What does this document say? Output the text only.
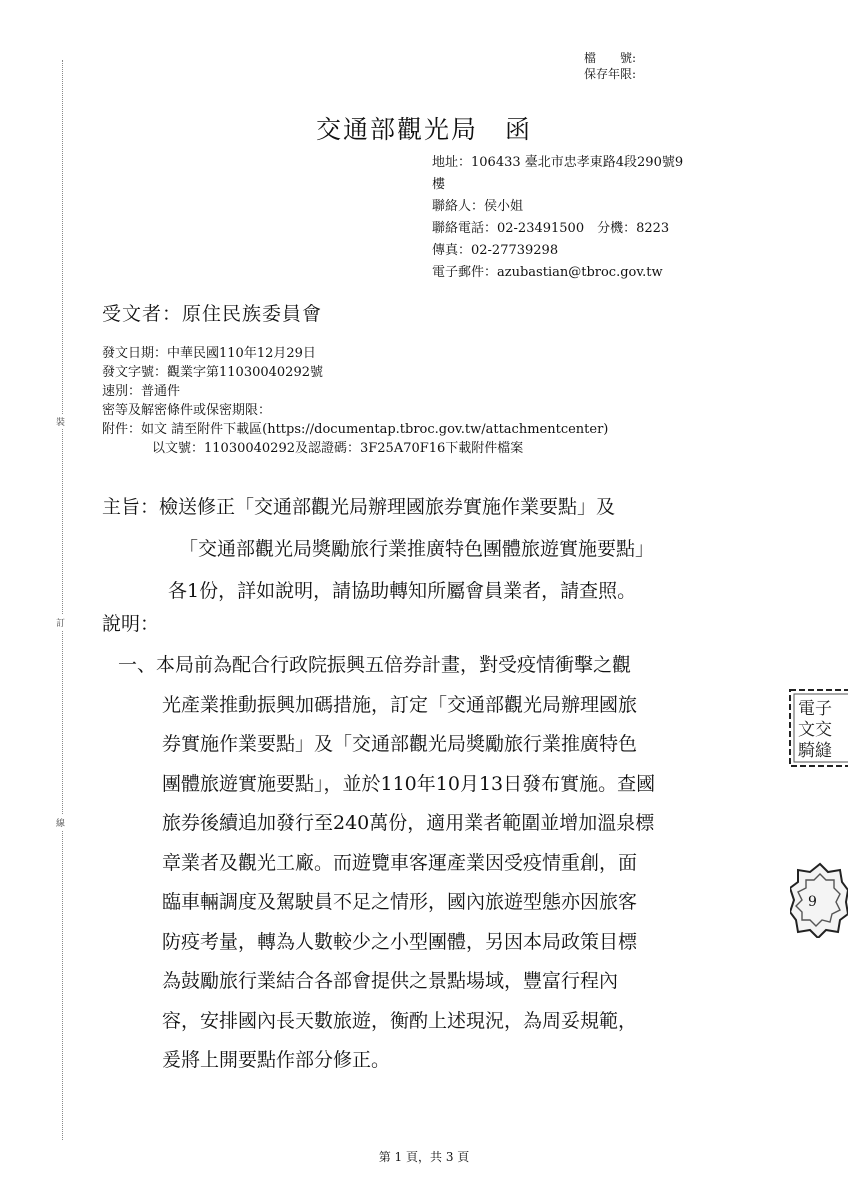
裝
訂
線
檔　　號:
保存年限:
交通部觀光局　函
地址：106433 臺北市忠孝東路4段290號9
樓
聯絡人：侯小姐
聯絡電話：02-23491500　分機：8223
傳真：02-27739298
電子郵件：azubastian@tbroc.gov.tw
受文者：原住民族委員會
發文日期：中華民國110年12月29日
發文字號：觀業字第11030040292號
速別：普通件
密等及解密條件或保密期限：
附件：如文 請至附件下載區(https://documentap.tbroc.gov.tw/attachmentcenter)
以文號：11030040292及認證碼：3F25A70F16下載附件檔案
主旨：檢送修正「交通部觀光局辦理國旅券實施作業要點」及
「交通部觀光局獎勵旅行業推廣特色團體旅遊實施要點」
各1份，詳如說明，請協助轉知所屬會員業者，請查照。
說明：
一、本局前為配合行政院振興五倍券計畫，對受疫情衝擊之觀
光產業推動振興加碼措施，訂定「交通部觀光局辦理國旅
券實施作業要點」及「交通部觀光局獎勵旅行業推廣特色
團體旅遊實施要點」，並於110年10月13日發布實施。查國
旅券後續追加發行至240萬份，適用業者範圍並增加溫泉標
章業者及觀光工廠。而遊覽車客運產業因受疫情重創，面
臨車輛調度及駕駛員不足之情形，國內旅遊型態亦因旅客
防疫考量，轉為人數較少之小型團體，另因本局政策目標
為鼓勵旅行業結合各部會提供之景點場域，豐富行程內
容，安排國內長天數旅遊，衡酌上述現況，為周妥規範，
爰將上開要點作部分修正。
電子
文交
騎縫
9
第 1 頁，共 3 頁
